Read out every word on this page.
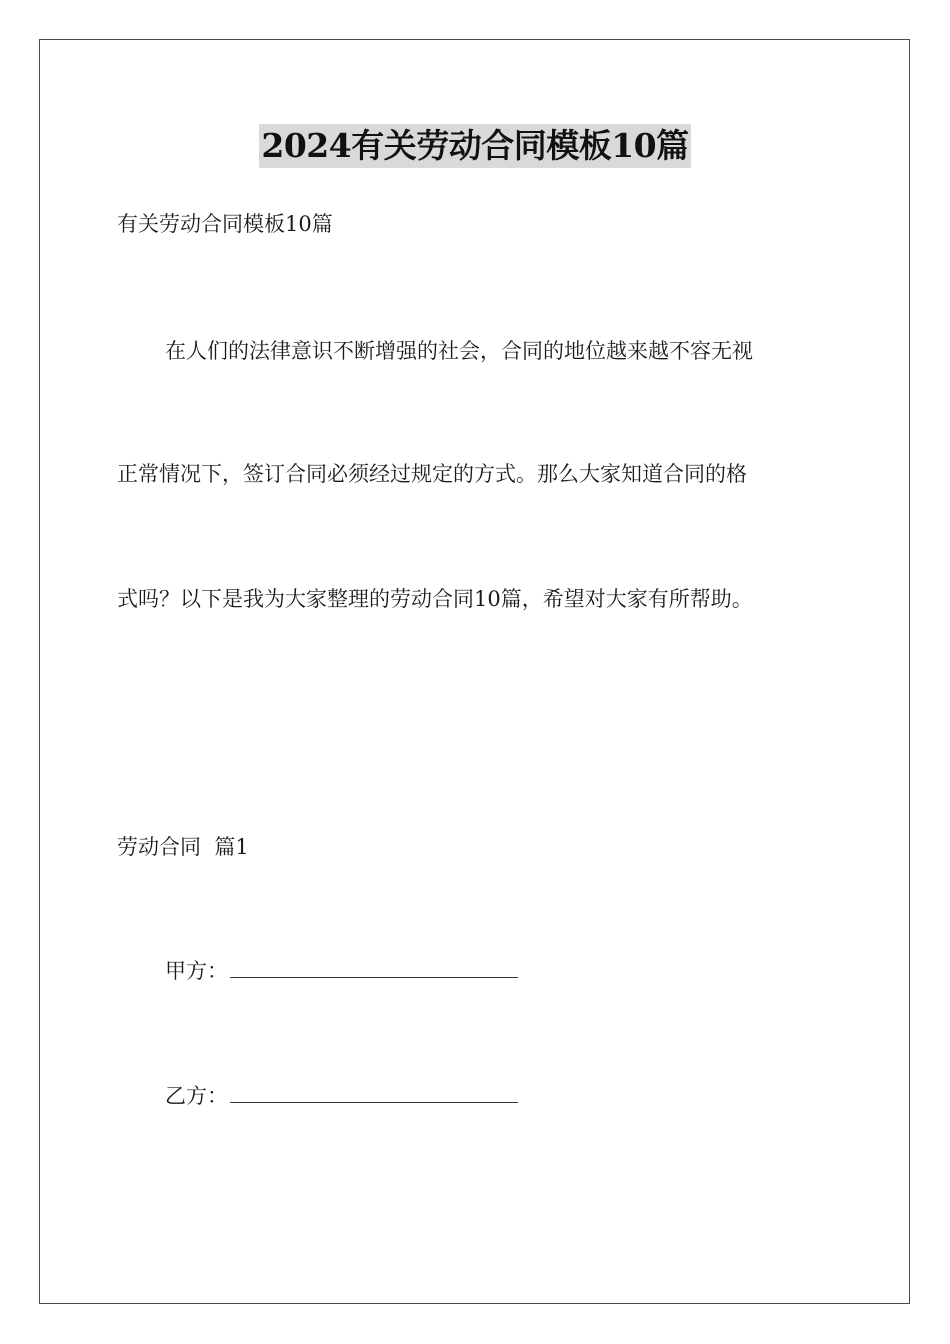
2024有关劳动合同模板10篇
有关劳动合同模板10篇
在人们的法律意识不断增强的社会，合同的地位越来越不容无视
正常情况下，签订合同必须经过规定的方式。那么大家知道合同的格
式吗？以下是我为大家整理的劳动合同10篇，希望对大家有所帮助。
劳动合同  篇1
甲方：
乙方：
